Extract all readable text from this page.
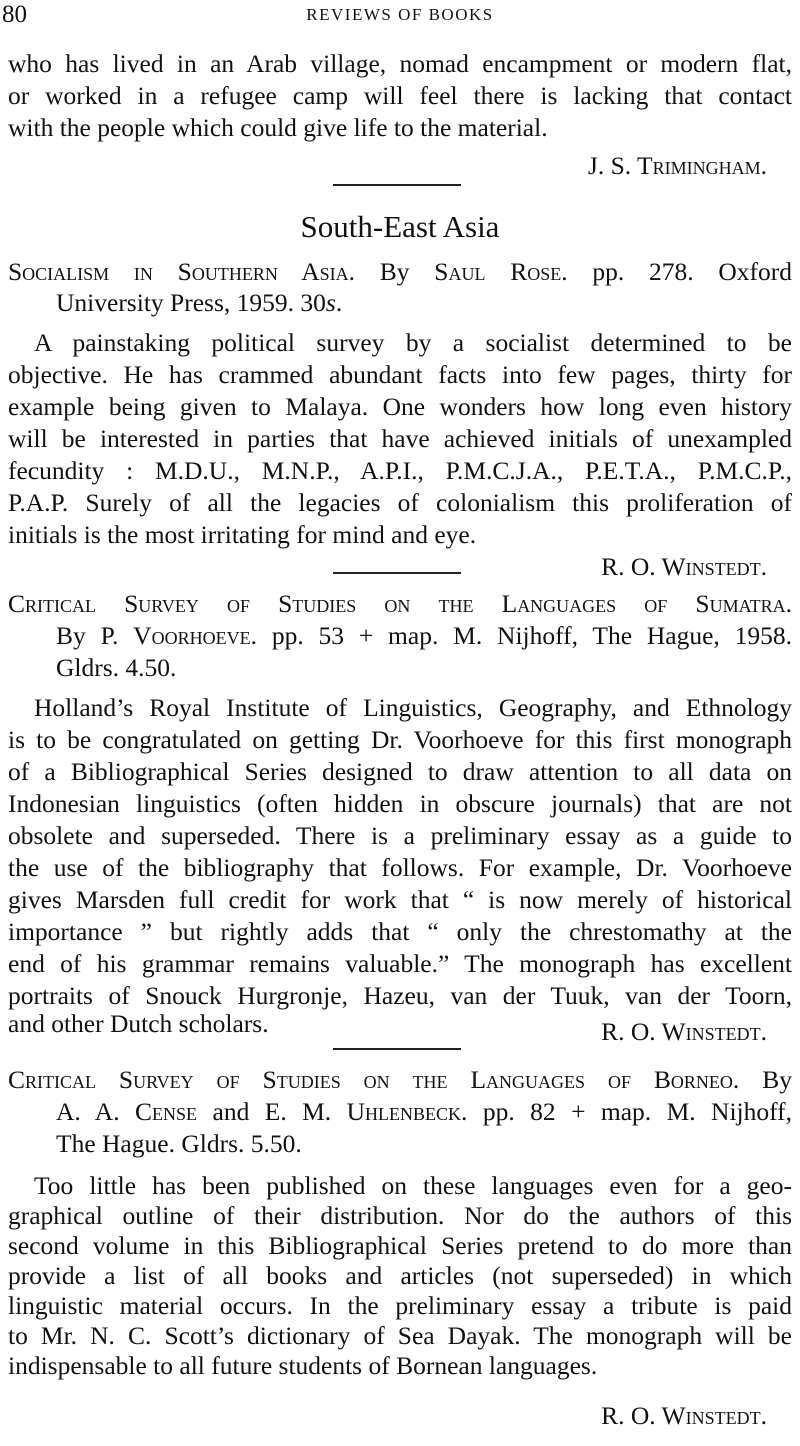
80	REVIEWS OF BOOKS
who has lived in an Arab village, nomad encampment or modern flat,
or worked in a refugee camp will feel there is lacking that contact
with the people which could give life to the material.
J. S. Trimingham.
South-East Asia
Socialism in Southern Asia. By Saul Rose. pp. 278. Oxford
University Press, 1959. 30s.
A painstaking political survey by a socialist determined to be
objective. He has crammed abundant facts into few pages, thirty for
example being given to Malaya. One wonders how long even history
will be interested in parties that have achieved initials of unexampled
fecundity : M.D.U., M.N.P., A.P.I., P.M.C.J.A., P.E.T.A., P.M.C.P.,
P.A.P. Surely of all the legacies of colonialism this proliferation of
initials is the most irritating for mind and eye.
R. O. Winstedt.
Critical Survey of Studies on the Languages of Sumatra.
By P. Voorhoeve. pp. 53 + map. M. Nijhoff, The Hague, 1958.
Gldrs. 4.50.
Holland’s Royal Institute of Linguistics, Geography, and Ethnology
is to be congratulated on getting Dr. Voorhoeve for this first monograph
of a Bibliographical Series designed to draw attention to all data on
Indonesian linguistics (often hidden in obscure journals) that are not
obsolete and superseded. There is a preliminary essay as a guide to
the use of the bibliography that follows. For example, Dr. Voorhoeve
gives Marsden full credit for work that “ is now merely of historical
importance ” but rightly adds that “ only the chrestomathy at the
end of his grammar remains valuable.” The monograph has excellent
portraits of Snouck Hurgronje, Hazeu, van der Tuuk, van der Toorn,
and other Dutch scholars.	R. O. Winstedt.
Critical Survey of Studies on the Languages of Borneo. By
A. A. Cense and E. M. Uhlenbeck. pp. 82 + map. M. Nijhoff,
The Hague. Gldrs. 5.50.
Too little has been published on these languages even for a geo-
graphical outline of their distribution. Nor do the authors of this
second volume in this Bibliographical Series pretend to do more than
provide a list of all books and articles (not superseded) in which
linguistic material occurs. In the preliminary essay a tribute is paid
to Mr. N. C. Scott’s dictionary of Sea Dayak. The monograph will be
indispensable to all future students of Bornean languages.
R. O. Winstedt.
